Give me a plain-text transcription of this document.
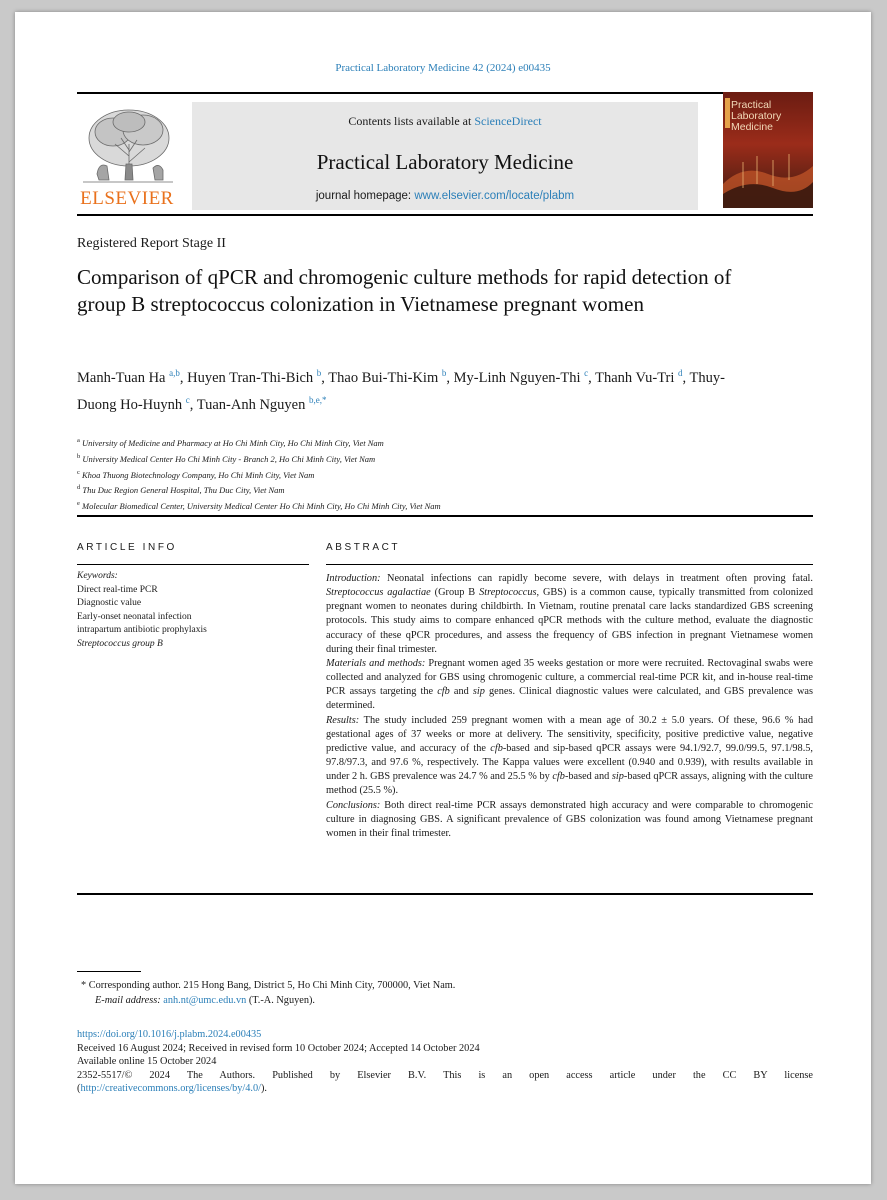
Practical Laboratory Medicine 42 (2024) e00435
ELSEVIER
Contents lists available at ScienceDirect
Practical Laboratory Medicine
journal homepage: www.elsevier.com/locate/plabm
Practical
Laboratory
Medicine
Registered Report Stage II
Comparison of qPCR and chromogenic culture methods for rapid detection of group B streptococcus colonization in Vietnamese pregnant women
Manh-Tuan Ha $^{a,b}$, Huyen Tran-Thi-Bich $^b$, Thao Bui-Thi-Kim $^b$, My-Linh Nguyen-Thi $^c$, Thanh Vu-Tri $^d$, Thuy-Duong Ho-Huynh $^c$, Tuan-Anh Nguyen $^{b,e,*}$
$^a$ University of Medicine and Pharmacy at Ho Chi Minh City, Ho Chi Minh City, Viet Nam
$^b$ University Medical Center Ho Chi Minh City - Branch 2, Ho Chi Minh City, Viet Nam
$^c$ Khoa Thuong Biotechnology Company, Ho Chi Minh City, Viet Nam
$^d$ Thu Duc Region General Hospital, Thu Duc City, Viet Nam
$^e$ Molecular Biomedical Center, University Medical Center Ho Chi Minh City, Ho Chi Minh City, Viet Nam
ARTICLE INFO	ABSTRACT
Keywords:
Direct real-time PCR
Diagnostic value
Early-onset neonatal infection
intrapartum antibiotic prophylaxis
Streptococcus group B

Introduction: Neonatal infections can rapidly become severe, with delays in treatment often proving fatal. Streptococcus agalactiae (Group B Streptococcus, GBS) is a common cause, typically transmitted from colonized pregnant women to neonates during childbirth. In Vietnam, routine prenatal care lacks standardized GBS screening protocols. This study aims to compare enhanced qPCR methods with the culture method, evaluate the diagnostic accuracy of these qPCR procedures, and assess the frequency of GBS infection in pregnant Vietnamese women during their final trimester.

Materials and methods: Pregnant women aged 35 weeks gestation or more were recruited. Rectovaginal swabs were collected and analyzed for GBS using chromogenic culture, a commercial real-time PCR kit, and in-house real-time PCR assays targeting the cfb and sip genes. Clinical diagnostic values were calculated, and GBS prevalence was determined.

Results: The study included 259 pregnant women with a mean age of 30.2 ± 5.0 years. Of these, 96.6 % had gestational ages of 37 weeks or more at delivery. The sensitivity, specificity, positive predictive value, negative predictive value, and accuracy of the cfb-based and sip-based qPCR assays were 94.1/92.7, 99.0/99.5, 97.1/98.5, 97.8/97.3, and 97.6 %, respectively. The Kappa values were excellent (0.940 and 0.939), with results available in under 2 h. GBS prevalence was 24.7 % and 25.5 % by cfb-based and sip-based qPCR assays, aligning with the culture method (25.5 %).

Conclusions: Both direct real-time PCR assays demonstrated high accuracy and were comparable to chromogenic culture in diagnosing GBS. A significant prevalence of GBS colonization was found among Vietnamese pregnant women in their final trimester.

* Corresponding author. 215 Hong Bang, District 5, Ho Chi Minh City, 700000, Viet Nam.
E-mail address: anh.nt@umc.edu.vn (T.-A. Nguyen).

https://doi.org/10.1016/j.plabm.2024.e00435

Received 16 August 2024; Received in revised form 10 October 2024; Accepted 14 October 2024

Available online 15 October 2024

2352-5517/© 2024 The Authors. Published by Elsevier B.V. This is an open access article under the CC BY license

(http://creativecommons.org/licenses/by/4.0/).
